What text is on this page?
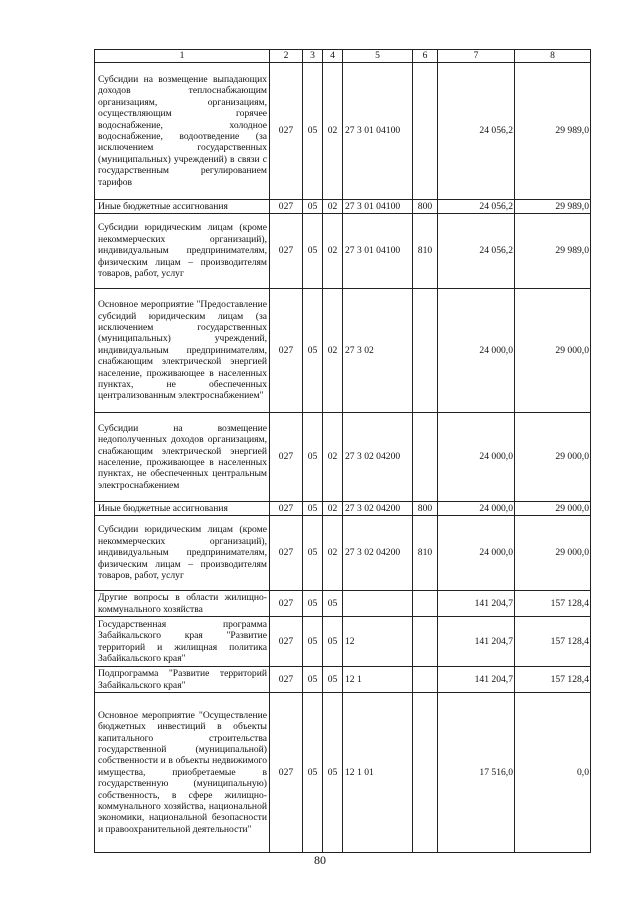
1	2	3	4	5	6	7	8
Субсидии на возмещение выпадающих доходов теплоснабжающим организациям, организациям, осуществляющим горячее водоснабжение, холодное водоснабжение, водоотведение (за исключением государственных (муниципальных) учреждений) в связи с государственным регулированием тарифов	027	05	02	27 3 01 04100		24 056,2	29 989,0
Иные бюджетные ассигнования	027	05	02	27 3 01 04100	800	24 056,2	29 989,0
Субсидии юридическим лицам (кроме некоммерческих организаций), индивидуальным предпринимателям, физическим лицам – производителям товаров, работ, услуг	027	05	02	27 3 01 04100	810	24 056,2	29 989,0
Основное мероприятие "Предоставление субсидий юридическим лицам (за исключением государственных (муниципальных) учреждений, индивидуальным предпринимателям, снабжающим электрической энергией население, проживающее в населенных пунктах, не обеспеченных централизованным электроснабжением"	027	05	02	27 3 02		24 000,0	29 000,0
Субсидии на возмещение недополученных доходов организациям, снабжающим электрической энергией население, проживающее в населенных пунктах, не обеспеченных центральным электроснабжением	027	05	02	27 3 02 04200		24 000,0	29 000,0
Иные бюджетные ассигнования	027	05	02	27 3 02 04200	800	24 000,0	29 000,0
Субсидии юридическим лицам (кроме некоммерческих организаций), индивидуальным предпринимателям, физическим лицам – производителям товаров, работ, услуг	027	05	02	27 3 02 04200	810	24 000,0	29 000,0
Другие вопросы в области жилищно-коммунального хозяйства	027	05	05			141 204,7	157 128,4
Государственная программа Забайкальского края "Развитие территорий и жилищная политика Забайкальского края"	027	05	05	12		141 204,7	157 128,4
Подпрограмма "Развитие территорий Забайкальского края"	027	05	05	12 1		141 204,7	157 128,4
Основное мероприятие "Осуществление бюджетных инвестиций в объекты капитального строительства государственной (муниципальной) собственности и в объекты недвижимого имущества, приобретаемые в государственную (муниципальную) собственность, в сфере жилищно-коммунального хозяйства, национальной экономики, национальной безопасности и правоохранительной деятельности"	027	05	05	12 1 01		17 516,0	0,0
80
